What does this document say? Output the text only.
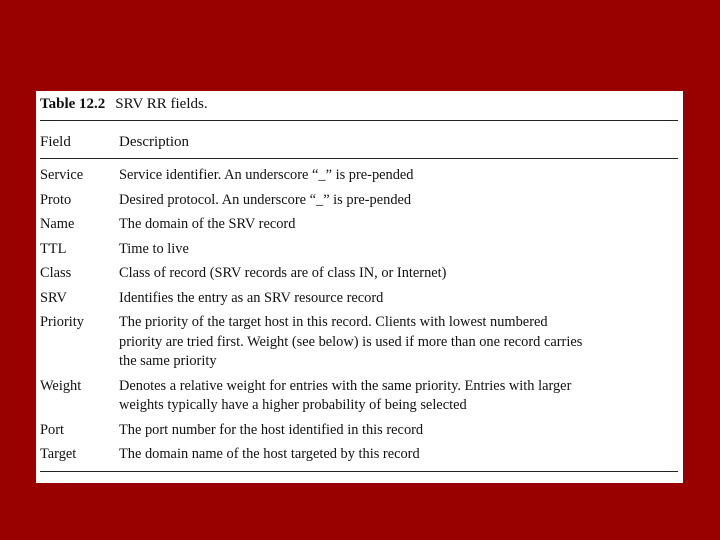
Table 12.2 SRV RR fields.
Field	Description
Service	Service identifier. An underscore “_” is pre-pended
Proto	Desired protocol. An underscore “_” is pre-pended
Name	The domain of the SRV record
TTL	Time to live
Class	Class of record (SRV records are of class IN, or Internet)
SRV	Identifies the entry as an SRV resource record
Priority	The priority of the target host in this record. Clients with lowest numbered
priority are tried first. Weight (see below) is used if more than one record carries
the same priority
Weight	Denotes a relative weight for entries with the same priority. Entries with larger
weights typically have a higher probability of being selected
Port	The port number for the host identified in this record
Target	The domain name of the host targeted by this record
